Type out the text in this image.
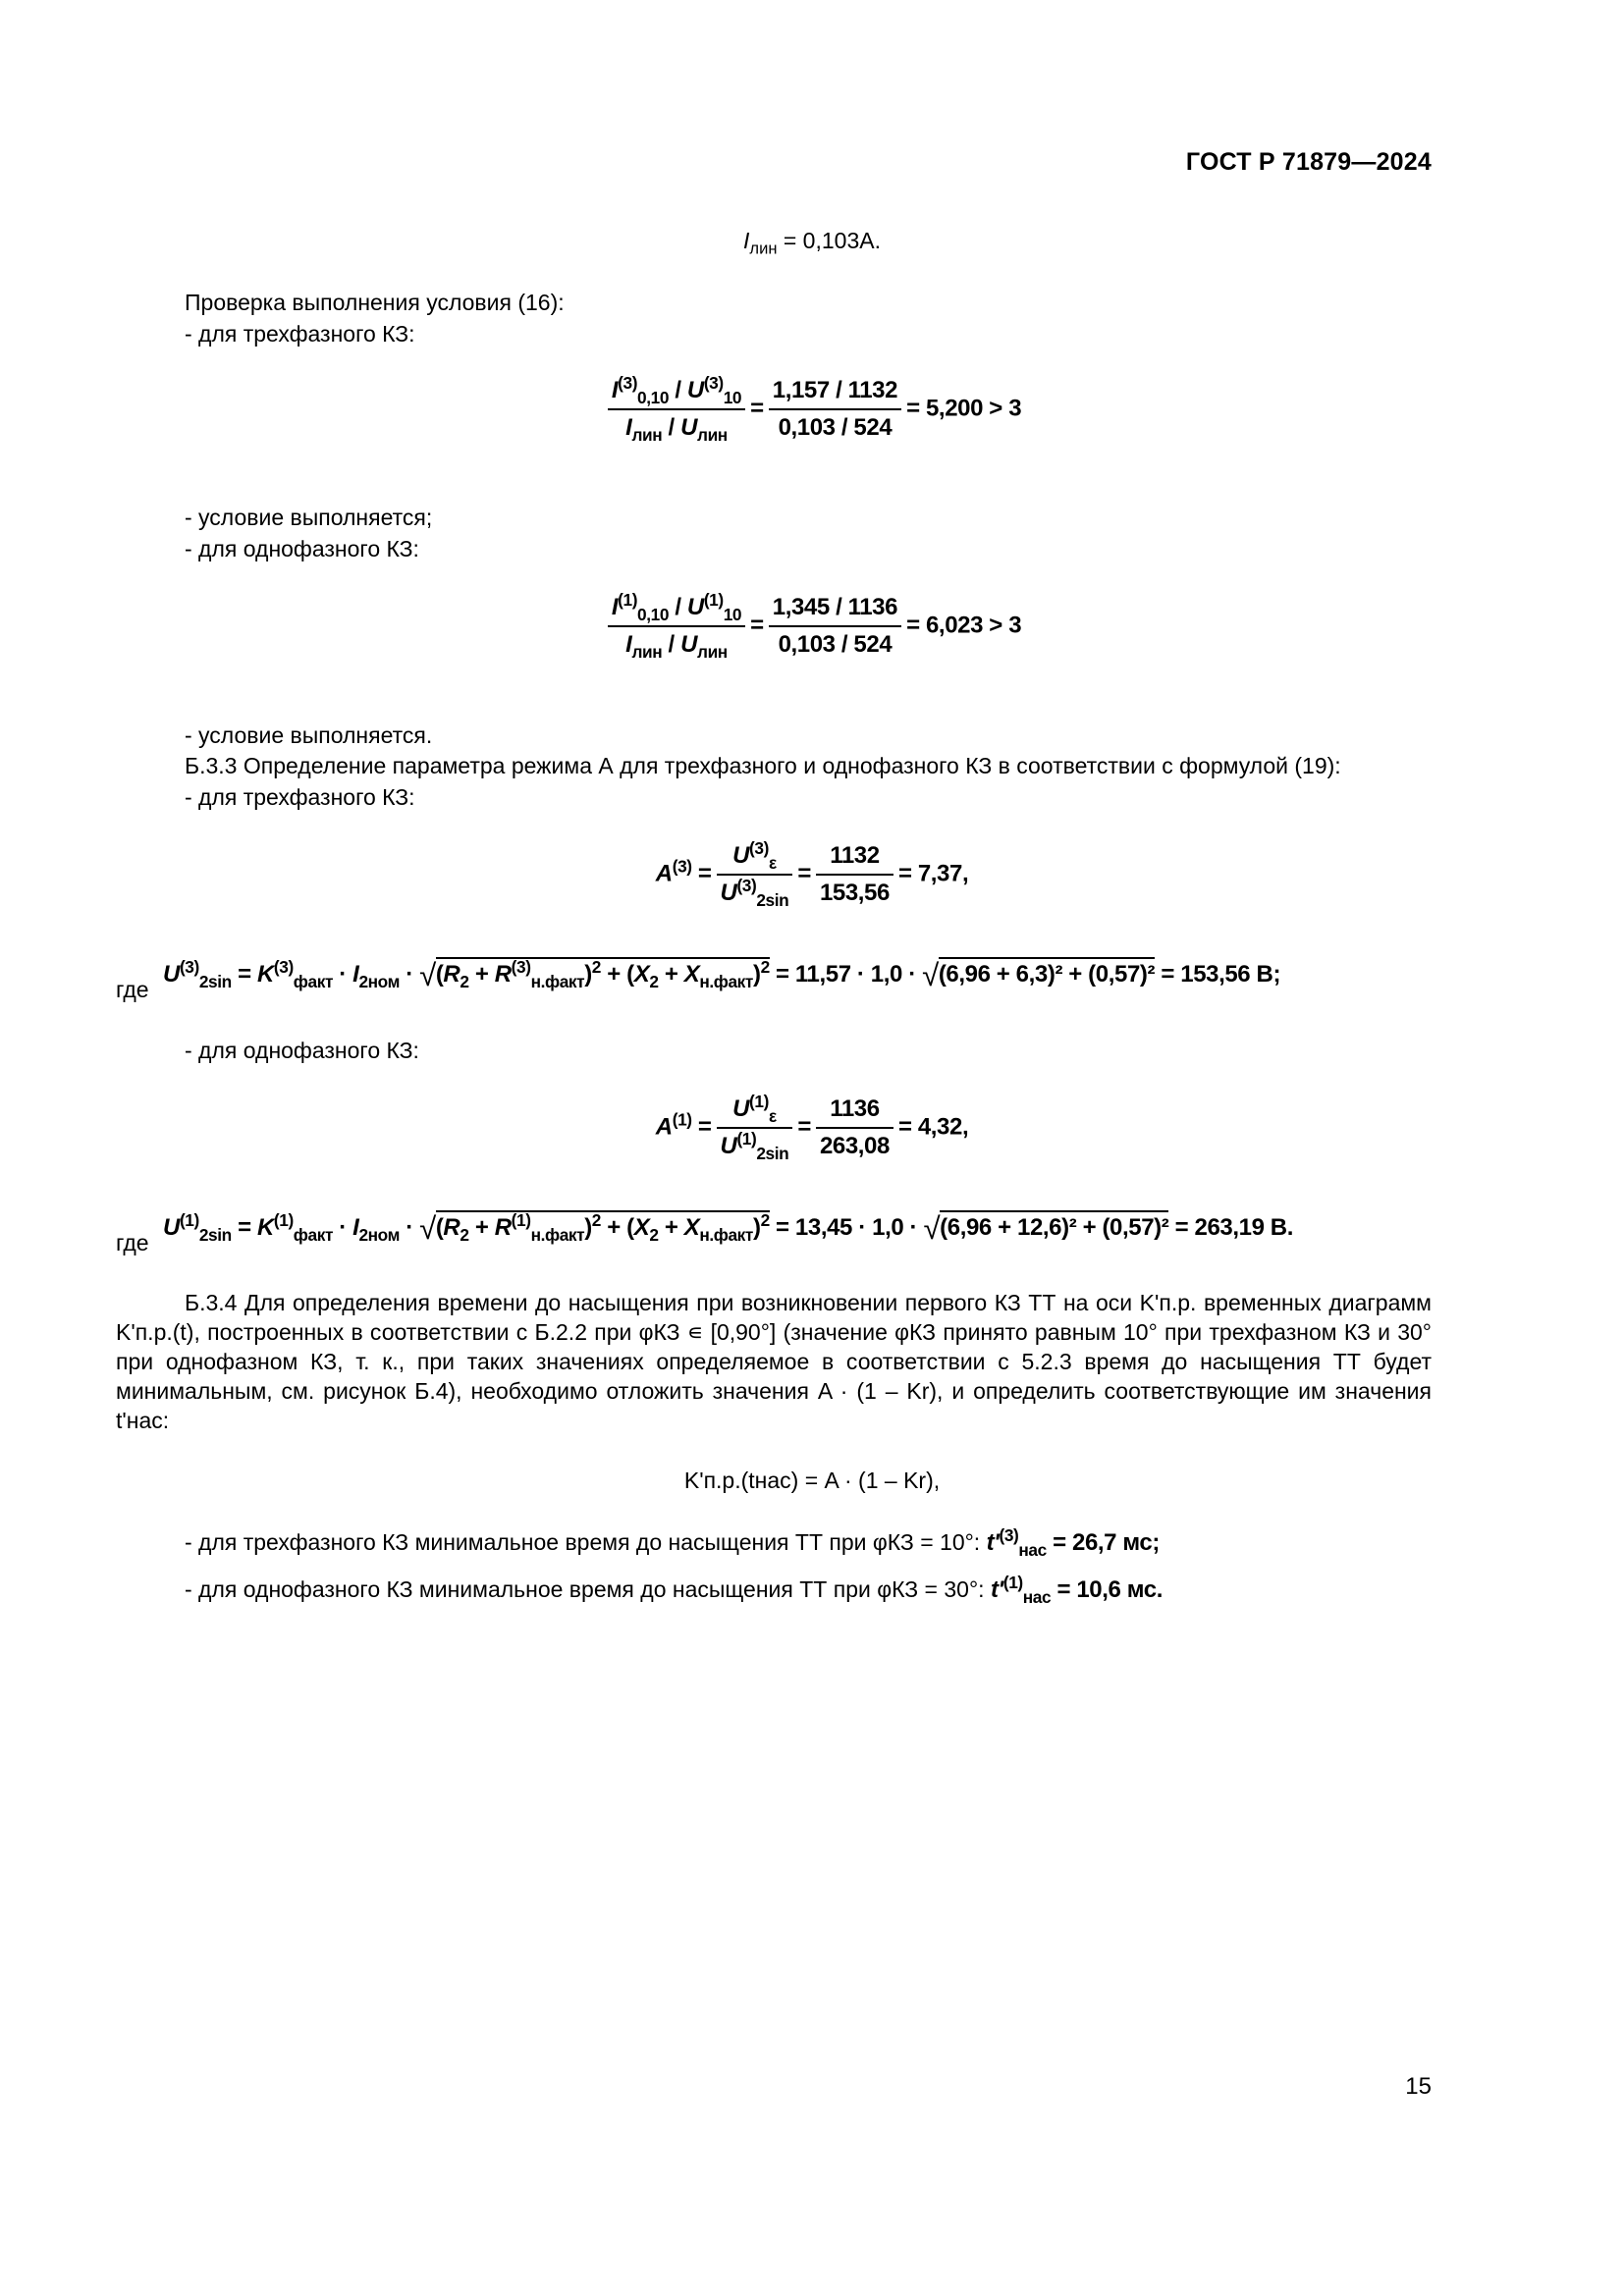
ГОСТ Р 71879—2024
$I_{лин} = 0,103А$.
Проверка выполнения условия (16):
- для трехфазного КЗ:
$\frac{I^{(3)}_{0,10} / U^{(3)}_{10}}{I_{лин} / U_{лин}} = \frac{1,157 / 1132}{0,103 / 524} = 5,200 > 3$
- условие выполняется;
- для однофазного КЗ:
$\frac{I^{(1)}_{0,10} / U^{(1)}_{10}}{I_{лин} / U_{лин}} = \frac{1,345 / 1136}{0,103 / 524} = 6,023 > 3$
- условие выполняется.
Б.3.3 Определение параметра режима А для трехфазного и однофазного КЗ в соответствии с формулой (19):
- для трехфазного КЗ:
$A^{(3)} = \frac{U^{(3)}_\varepsilon}{U^{(3)}_{2sin}} = \frac{1132}{153,56} = 7,37$,
где
$U^{(3)}_{2sin} = K^{(3)}_{факт} \cdot I_{2ном} \cdot √(R_2 + R^{(3)}_{н.факт})^2 + (X_2 + X_{н.факт})^2 = 11,57 \cdot 1,0 \cdot √(6,96 + 6,3)^2 + (0,57)^2 = 153,56$ В;
- для однофазного КЗ:
$A^{(1)} = \frac{U^{(1)}_\varepsilon}{U^{(1)}_{2sin}} = \frac{1136}{263,08} = 4,32$,
где
$U^{(1)}_{2sin} = K^{(1)}_{факт} \cdot I_{2ном} \cdot √(R_2 + R^{(1)}_{н.факт})^2 + (X_2 + X_{н.факт})^2 = 13,45 \cdot 1,0 \cdot √(6,96 + 12,6)^2 + (0,57)^2 = 263,19$ В.
Б.3.4 Для определения времени до насыщения при возникновении первого КЗ ТТ на оси K'п.р. временных диаграмм K'п.р.(t), построенных в соответствии с Б.2.2 при φКЗ ∊ [0,90°] (значение φКЗ принято равным 10° при трехфазном КЗ и 30° при однофазном КЗ, т. к., при таких значениях определяемое в соответствии с 5.2.3 время до насыщения ТТ будет минимальным, см. рисунок Б.4), необходимо отложить значения A · (1 – Kr), и определить соответствующие им значения t'нас:
K'п.р.(tнас) = A · (1 – Kr),
- для трехфазного КЗ минимальное время до насыщения ТТ при φКЗ = 10°: $t'^{(3)}_{нас} = 26,7$ мс;
- для однофазного КЗ минимальное время до насыщения ТТ при φКЗ = 30°: $t'^{(1)}_{нас} = 10,6$ мс.
15
